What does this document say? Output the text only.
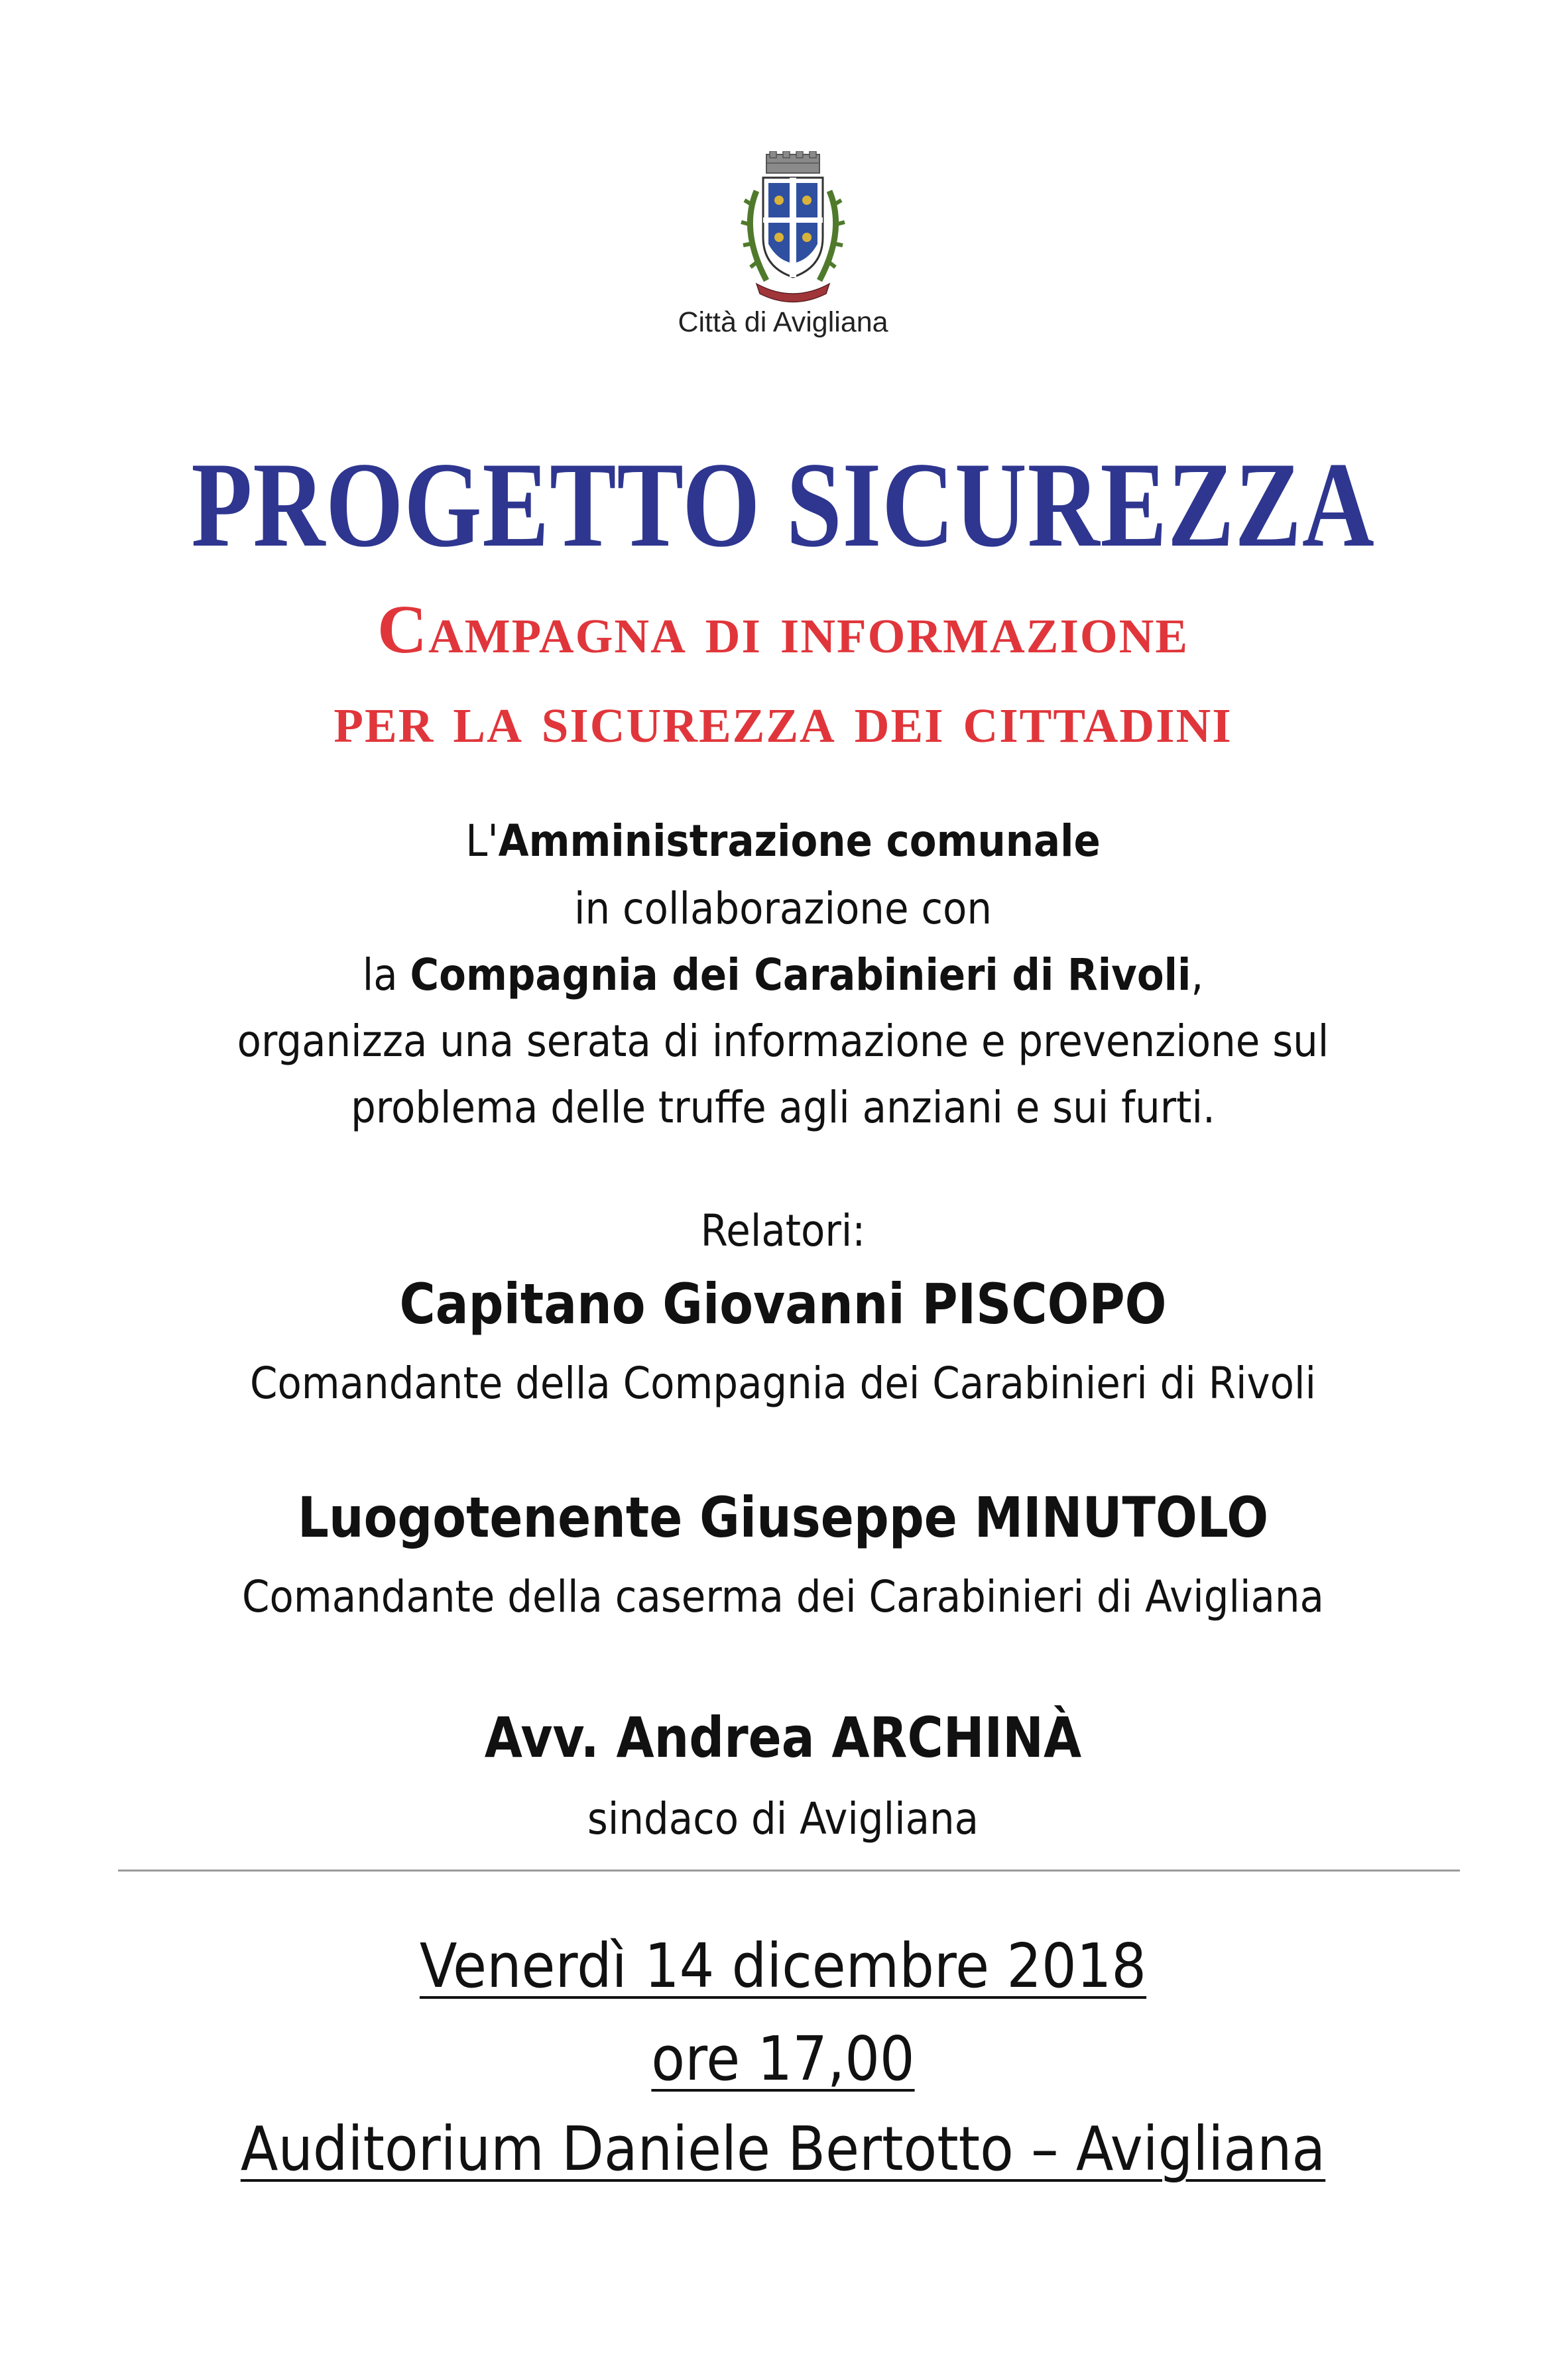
Città di Avigliana
PROGETTO SICUREZZA
Campagna di informazione
per la sicurezza dei cittadini
L'Amministrazione comunale
in collaborazione con
la Compagnia dei Carabinieri di Rivoli,
organizza una serata di informazione e prevenzione sul
problema delle truffe agli anziani e sui furti.
Relatori:
Capitano Giovanni PISCOPO
Comandante della Compagnia dei Carabinieri di Rivoli
Luogotenente Giuseppe MINUTOLO
Comandante della caserma dei Carabinieri di Avigliana
Avv. Andrea ARCHINÀ
sindaco di Avigliana
Venerdì 14 dicembre 2018
ore 17,00
Auditorium Daniele Bertotto – Avigliana
